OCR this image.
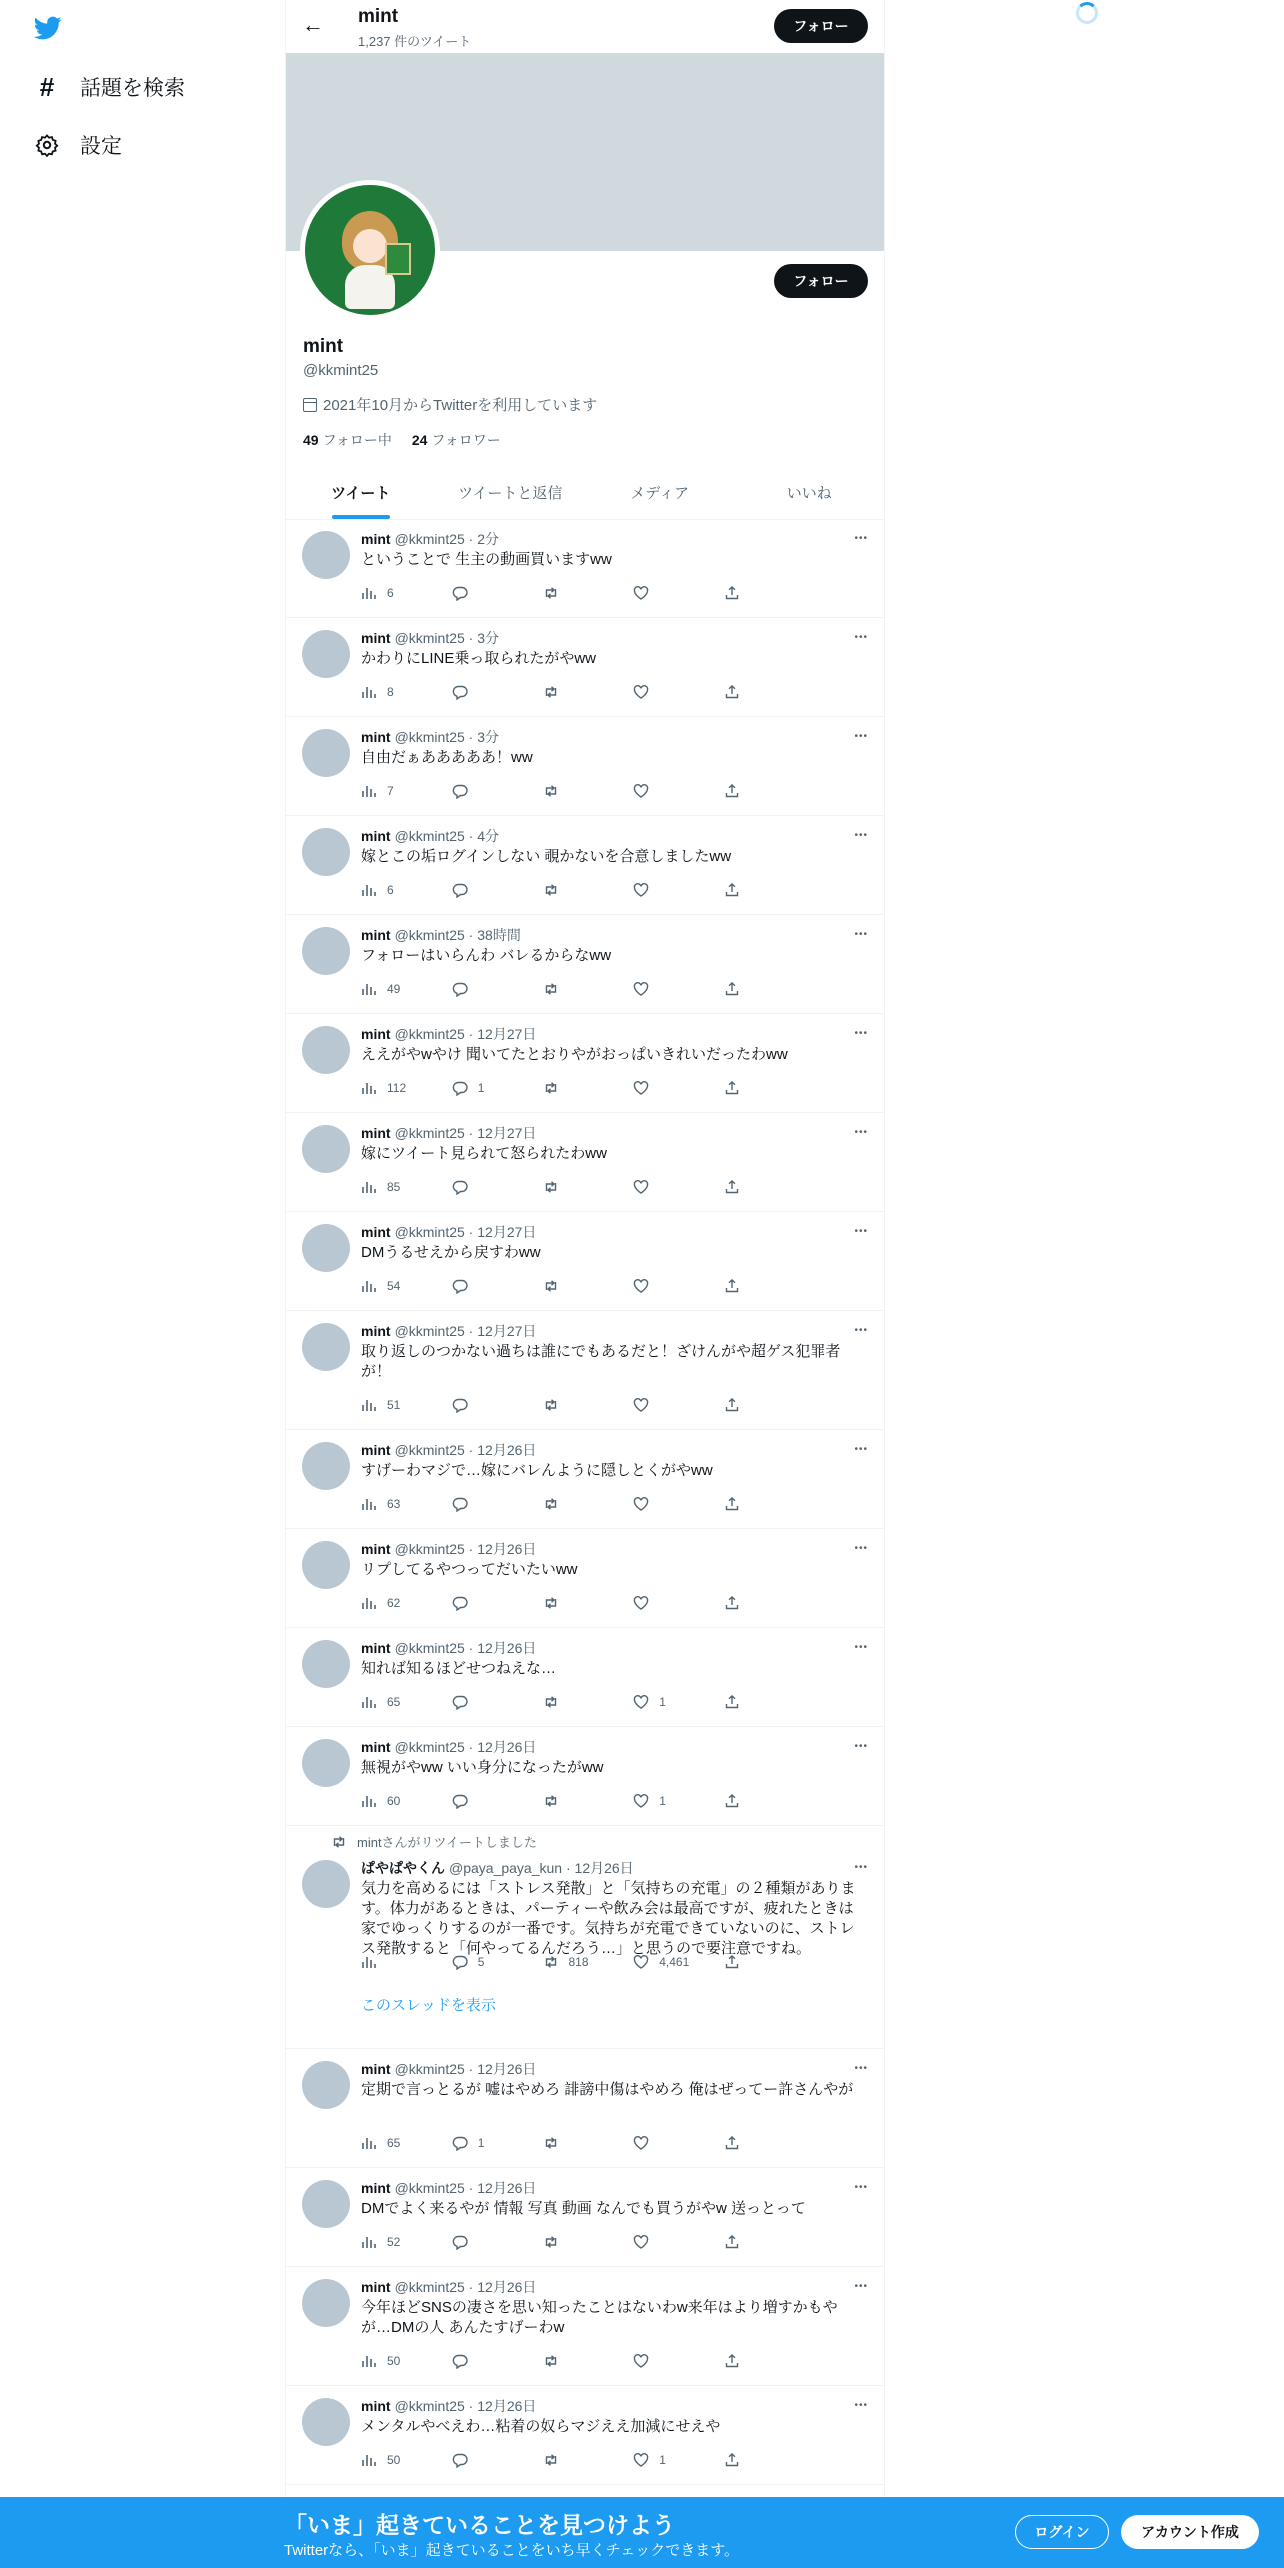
# 話題を検索
設定
← mint
1,237 件のツイート
フォロー
フォロー
mint
@kkmint25
2021年10月からTwitterを利用しています
49 フォロー中 24 フォロワー
ツイート	ツイートと返信	メディア	いいね
mint @kkmint25 · 2分
ということで 生主の動画買いますww
•••
6
mint @kkmint25 · 3分
かわりにLINE乗っ取られたがやww
•••
8
mint @kkmint25 · 3分
自由だぁあああああ！ww
•••
7
mint @kkmint25 · 4分
嫁とこの垢ログインしない 覗かないを合意しましたww
•••
6
mint @kkmint25 · 38時間
フォローはいらんわ バレるからなww
•••
49
mint @kkmint25 · 12月27日
ええがやwやけ 聞いてたとおりやがおっぱいきれいだったわww
•••
112	1
mint @kkmint25 · 12月27日
嫁にツイート見られて怒られたわww
•••
85
mint @kkmint25 · 12月27日
DMうるせえから戻すわww
•••
54
mint @kkmint25 · 12月27日
取り返しのつかない過ちは誰にでもあるだと！ざけんがや超ゲス犯罪者が！
•••
51
mint @kkmint25 · 12月26日
すげーわマジで…嫁にバレんように隠しとくがやww
•••
63
mint @kkmint25 · 12月26日
リプしてるやつってだいたいww
•••
62
mint @kkmint25 · 12月26日
知れば知るほどせつねえな…
•••
65	1
mint @kkmint25 · 12月26日
無視がやww いい身分になったがww
•••
60	1
mintさんがリツイートしました
ぱやぱやくん @paya_paya_kun · 12月26日
気力を高めるには「ストレス発散」と「気持ちの充電」の２種類があります。体力があるときは、パーティーや飲み会は最高ですが、疲れたときは家でゆっくりするのが一番です。気持ちが充電できていないのに、ストレス発散すると「何やってるんだろう…」と思うので要注意ですね。
•••
5	818	4,461
このスレッドを表示
mint @kkmint25 · 12月26日
定期で言っとるが 嘘はやめろ 誹謗中傷はやめろ 俺はぜってー許さんやが
•••
65	1
mint @kkmint25 · 12月26日
DMでよく来るやが 情報 写真 動画 なんでも買うがやw 送っとって
•••
52
mint @kkmint25 · 12月26日
今年ほどSNSの凄さを思い知ったことはないわw来年はより増すかもや が…DMの人 あんたすげーわw
•••
50
mint @kkmint25 · 12月26日
メンタルやべえわ…粘着の奴らマジええ加減にせえや
•••
50	1
「いま」起きていることを見つけよう
Twitterなら、「いま」起きていることをいち早くチェックできます。
ログイン	アカウント作成
